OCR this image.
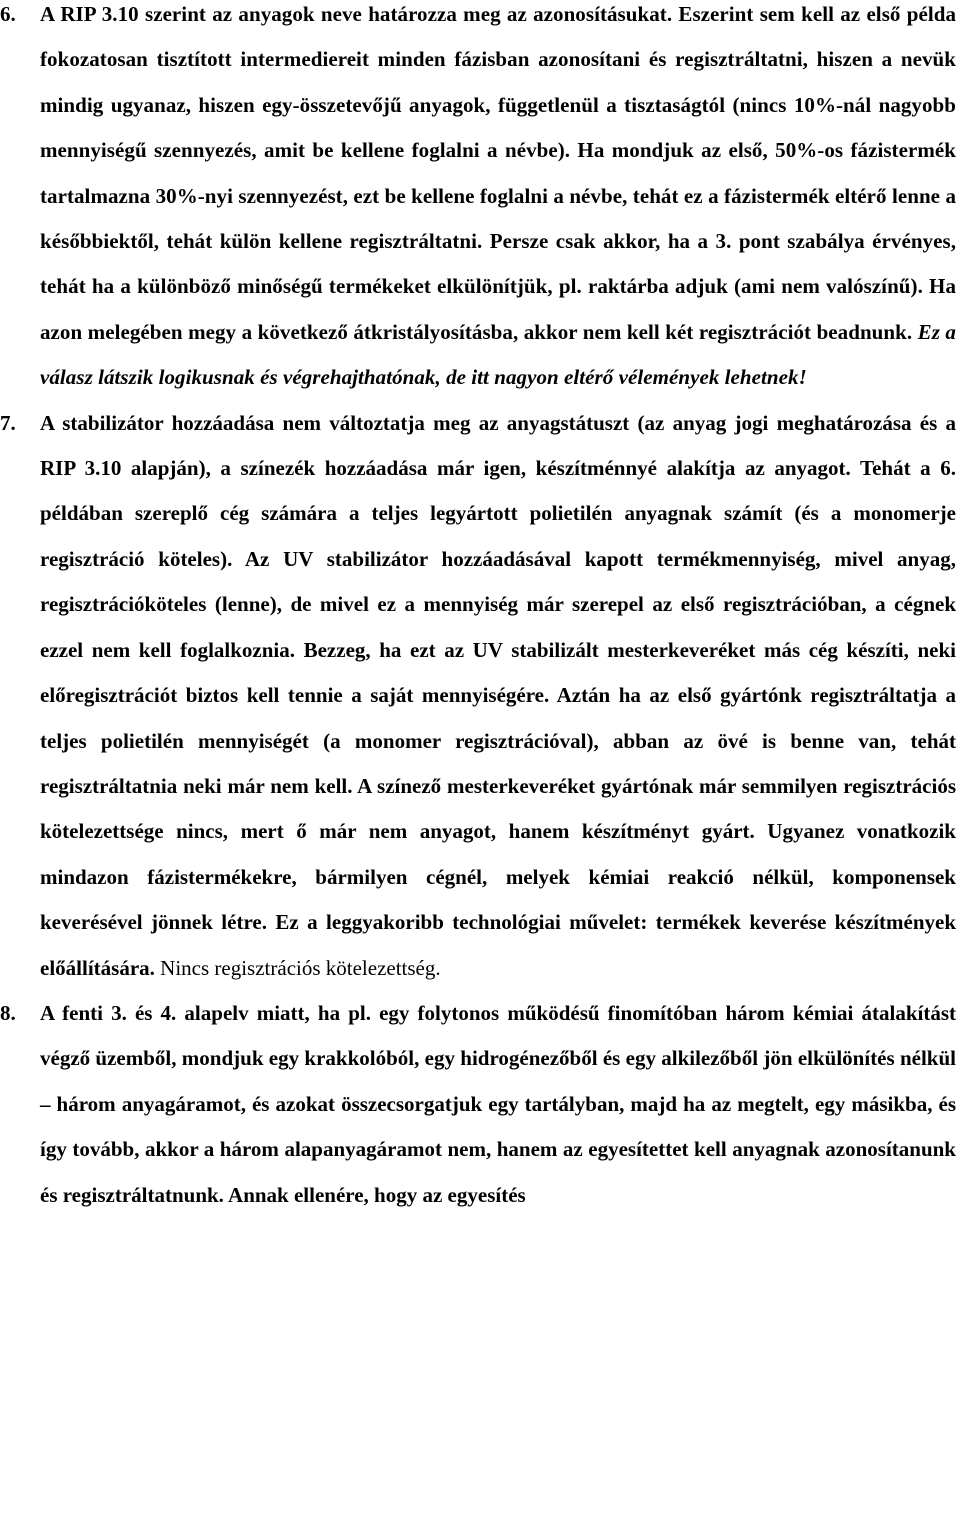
6. A RIP 3.10 szerint az anyagok neve határozza meg az azonosításukat. Eszerint sem kell az első példa fokozatosan tisztított intermediereit minden fázisban azonosítani és regisztráltatni, hiszen a nevük mindig ugyanaz, hiszen egy-összetevőjű anyagok, függetlenül a tisztaságtól (nincs 10%-nál nagyobb mennyiségű szennyezés, amit be kellene foglalni a névbe). Ha mondjuk az első, 50%-os fázistermék tartalmazna 30%-nyi szennyezést, ezt be kellene foglalni a névbe, tehát ez a fázistermék eltérő lenne a későbbiektől, tehát külön kellene regisztráltatni. Persze csak akkor, ha a 3. pont szabálya érvényes, tehát ha a különböző minőségű termékeket elkülönítjük, pl. raktárba adjuk (ami nem valószínű). Ha azon melegében megy a következő átkristályosításba, akkor nem kell két regisztrációt beadnunk. Ez a válasz látszik logikusnak és végrehajthatónak, de itt nagyon eltérő vélemények lehetnek!
7. A stabilizátor hozzáadása nem változtatja meg az anyagstátuszt (az anyag jogi meghatározása és a RIP 3.10 alapján), a színezék hozzáadása már igen, készítménnyé alakítja az anyagot. Tehát a 6. példában szereplő cég számára a teljes legyártott polietilén anyagnak számít (és a monomerje regisztráció köteles). Az UV stabilizátor hozzáadásával kapott termékmennyiség, mivel anyag, regisztrációköteles (lenne), de mivel ez a mennyiség már szerepel az első regisztrációban, a cégnek ezzel nem kell foglalkoznia. Bezzeg, ha ezt az UV stabilizált mesterkeveréket más cég készíti, neki előregisztrációt biztos kell tennie a saját mennyiségére. Aztán ha az első gyártónk regisztráltatja a teljes polietilén mennyiségét (a monomer regisztrációval), abban az övé is benne van, tehát regisztráltatnia neki már nem kell. A színező mesterkeveréket gyártónak már semmilyen regisztrációs kötelezettsége nincs, mert ő már nem anyagot, hanem készítményt gyárt. Ugyanez vonatkozik mindazon fázistermékekre, bármilyen cégnél, melyek kémiai reakció nélkül, komponensek keverésével jönnek létre. Ez a leggyakoribb technológiai művelet: termékek keverése készítmények előállítására. Nincs regisztrációs kötelezettség.
8. A fenti 3. és 4. alapelv miatt, ha pl. egy folytonos működésű finomítóban három kémiai átalakítást végző üzemből, mondjuk egy krakkolóból, egy hidrogénezőből és egy alkilezőből jön elkülönítés nélkül – három anyagáramot, és azokat összecsorgatjuk egy tartályban, majd ha az megtelt, egy másikba, és így tovább, akkor a három alapanyagáramot nem, hanem az egyesítettet kell anyagnak azonosítanunk és regisztráltatnunk. Annak ellenére, hogy az egyesítés
